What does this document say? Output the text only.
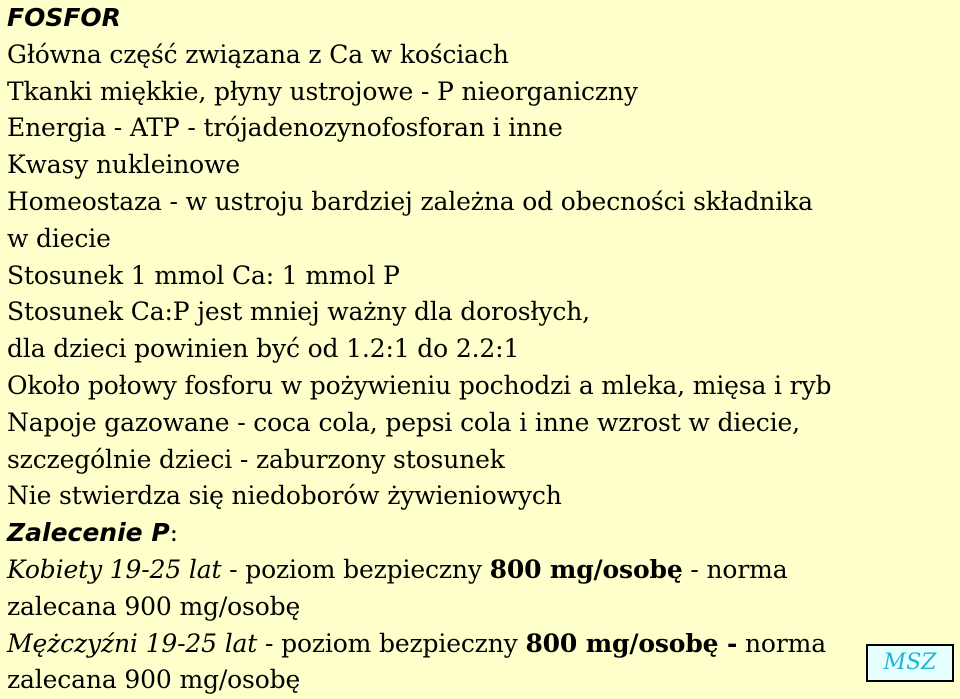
FOSFOR
Główna część związana z Ca w kościach
Tkanki miękkie, płyny ustrojowe - P nieorganiczny
Energia - ATP - trójadenozynofosforan i inne
Kwasy nukleinowe
Homeostaza - w ustroju bardziej zależna od obecności składnika
w diecie
Stosunek 1 mmol Ca: 1 mmol P
Stosunek Ca:P jest mniej ważny dla dorosłych,
dla dzieci powinien być od 1.2:1 do 2.2:1
Około połowy fosforu w pożywieniu pochodzi a mleka, mięsa i ryb
Napoje gazowane - coca cola, pepsi cola i inne wzrost w diecie,
szczególnie dzieci - zaburzony stosunek
Nie stwierdza się niedoborów żywieniowych
Zalecenie P:
Kobiety 19-25 lat - poziom bezpieczny 800 mg/osobę - norma
zalecana 900 mg/osobę
Mężczyźni 19-25 lat - poziom bezpieczny 800 mg/osobę - norma
zalecana 900 mg/osobę
MSZ
